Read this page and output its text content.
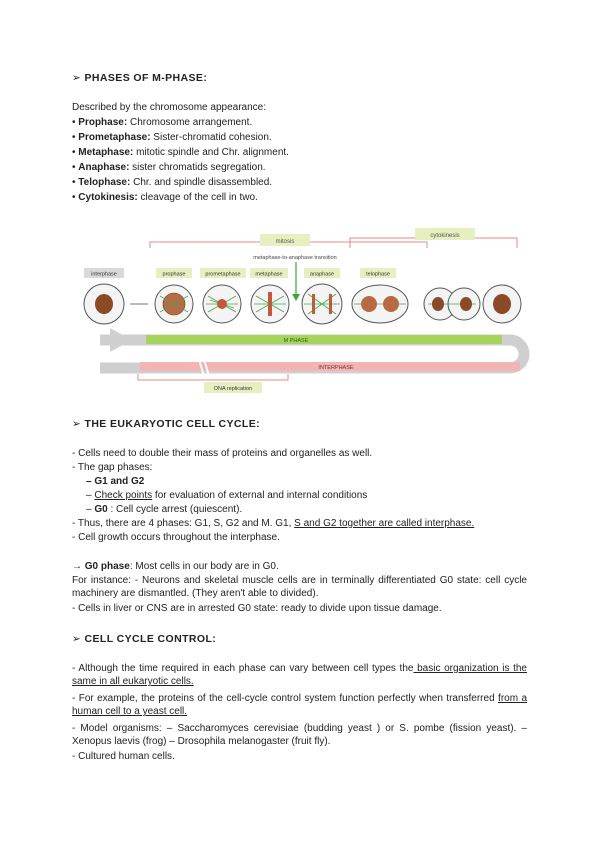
➢ PHASES OF M-PHASE:
Described by the chromosome appearance:
• Prophase: Chromosome arrangement.
• Prometaphase: Sister-chromatid cohesion.
• Metaphase: mitotic spindle and Chr. alignment.
• Anaphase: sister chromatids segregation.
• Telophase: Chr. and spindle disassembled.
• Cytokinesis: cleavage of the cell in two.
mitosis
cytokinesis
metaphase-to-anaphase transition
interphase	prophase	prometaphase	metaphase	anaphase	telophase
M PHASE
INTERPHASE
DNA replication
➢ THE EUKARYOTIC CELL CYCLE:
- Cells need to double their mass of proteins and organelles as well.
- The gap phases:
– G1 and G2
– Check points for evaluation of external and internal conditions
– G0 : Cell cycle arrest (quiescent).
- Thus, there are 4 phases: G1, S, G2 and M. G1, S and G2 together are called interphase.
- Cell growth occurs throughout the interphase.
→ G0 phase: Most cells in our body are in G0.
For instance: - Neurons and skeletal muscle cells are in terminally differentiated G0 state: cell cycle machinery are dismantled. (They aren't able to divided).
- Cells in liver or CNS are in arrested G0 state: ready to divide upon tissue damage.
➢ CELL CYCLE CONTROL:
- Although the time required in each phase can vary between cell types the basic organization is the same in all eukaryotic cells.
- For example, the proteins of the cell-cycle control system function perfectly when transferred from a human cell to a yeast cell.
- Model organisms: – Saccharomyces cerevisiae (budding yeast ) or S. pombe (fission yeast). – Xenopus laevis (frog) – Drosophila melanogaster (fruit fly).
- Cultured human cells.
